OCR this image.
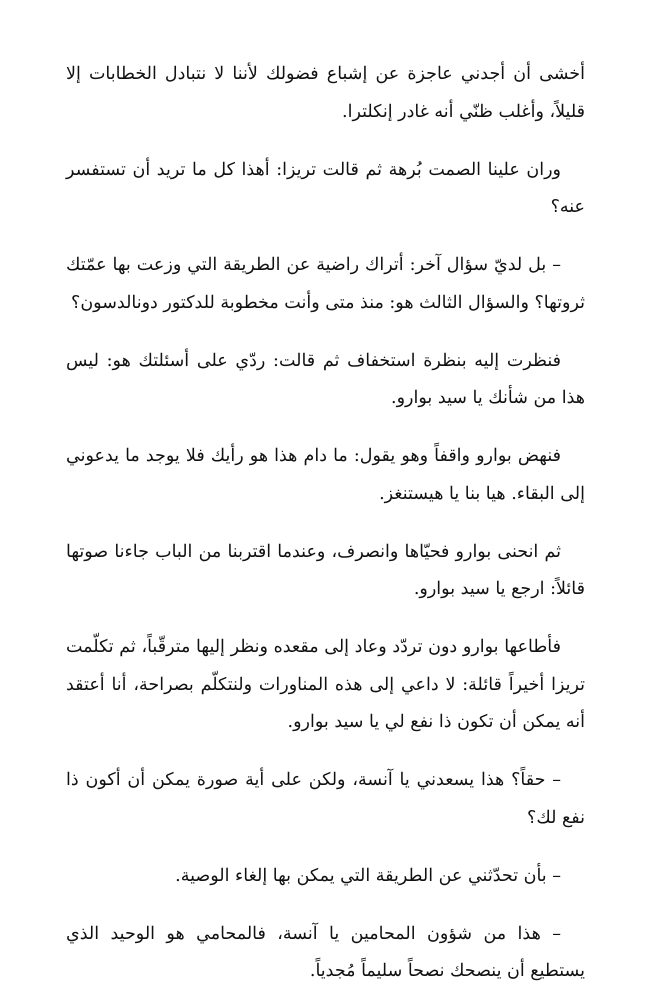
أخشى أن أجدني عاجزة عن إشباع فضولك لأننا لا نتبادل الخطابات إلا قليلاً، وأغلب ظنّي أنه غادر إنكلترا.

وران علينا الصمت بُرهة ثم قالت تريزا: أهذا كل ما تريد أن تستفسر عنه؟

– بل لديّ سؤال آخر: أتراك راضية عن الطريقة التي وزعت بها عمّتك ثروتها؟ والسؤال الثالث هو: منذ متى وأنت مخطوبة للدكتور دونالدسون؟

فنظرت إليه بنظرة استخفاف ثم قالت: ردّي على أسئلتك هو: ليس هذا من شأنك يا سيد بوارو.

فنهض بوارو واقفاً وهو يقول: ما دام هذا هو رأيك فلا يوجد ما يدعوني إلى البقاء. هيا بنا يا هيستنغز.

ثم انحنى بوارو فحيّاها وانصرف، وعندما اقتربنا من الباب جاءنا صوتها قائلاً: ارجع يا سيد بوارو.

فأطاعها بوارو دون تردّد وعاد إلى مقعده ونظر إليها مترقّباً، ثم تكلّمت تريزا أخيراً قائلة: لا داعي إلى هذه المناورات ولنتكلّم بصراحة، أنا أعتقد أنه يمكن أن تكون ذا نفع لي يا سيد بوارو.

– حقاً؟ هذا يسعدني يا آنسة، ولكن على أية صورة يمكن أن أكون ذا نفع لك؟

– بأن تحدّثني عن الطريقة التي يمكن بها إلغاء الوصية.

– هذا من شؤون المحامين يا آنسة، فالمحامي هو الوحيد الذي يستطيع أن ينصحك نصحاً سليماً مُجدياً.
